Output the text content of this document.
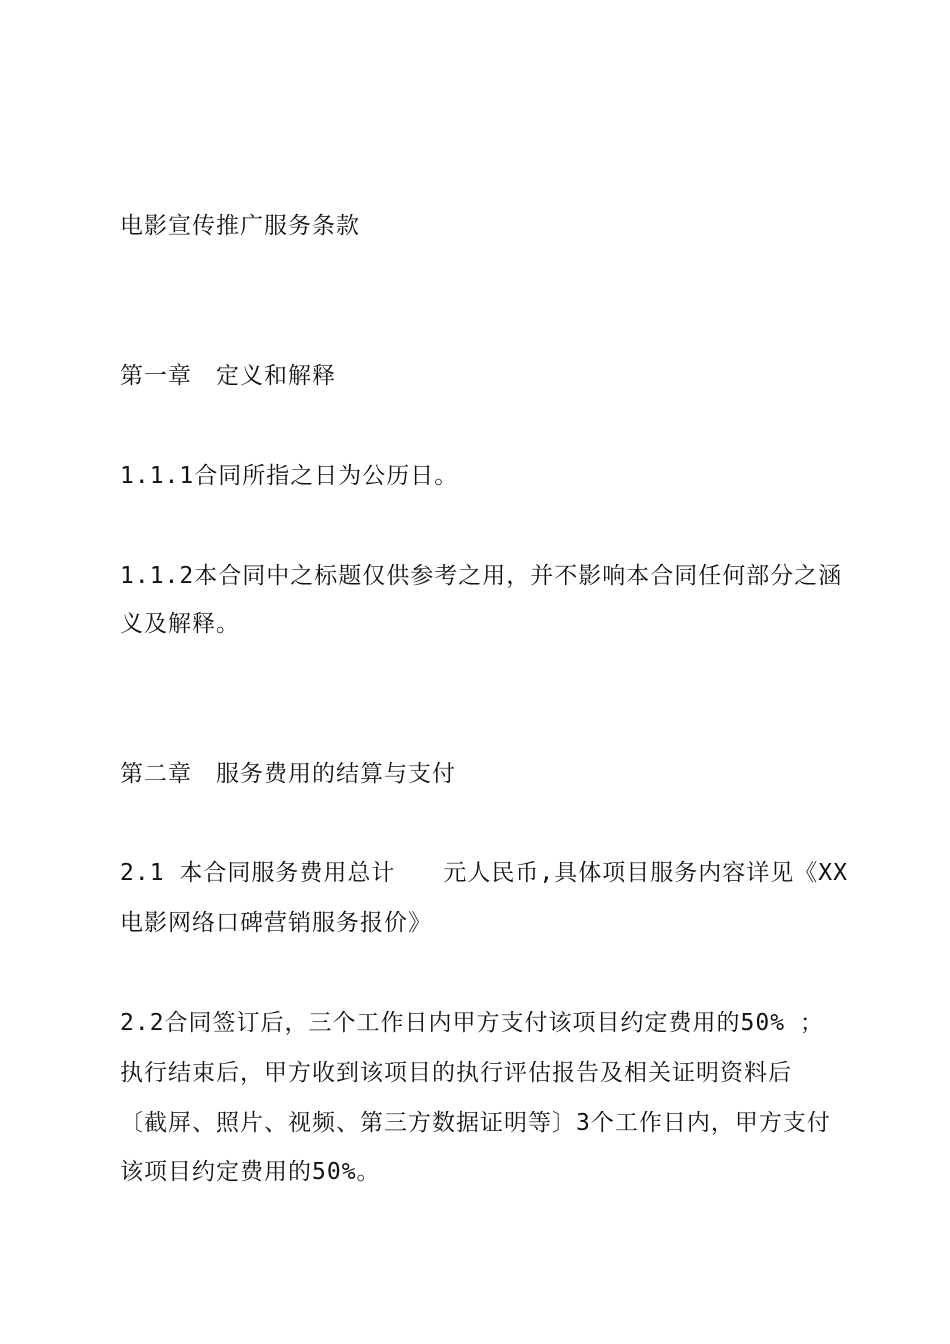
电影宣传推广服务条款
第一章　定义和解释
1.1.1合同所指之日为公历日。
1.1.2本合同中之标题仅供参考之用，并不影响本合同任何部分之涵
义及解释。
第二章　服务费用的结算与支付
2.1 本合同服务费用总计　　元人民币,具体项目服务内容详见《XX
电影网络口碑营销服务报价》
2.2合同签订后，三个工作日内甲方支付该项目约定费用的50% ；
执行结束后，甲方收到该项目的执行评估报告及相关证明资料后
〔截屏、照片、视频、第三方数据证明等〕3个工作日内，甲方支付
该项目约定费用的50%。
